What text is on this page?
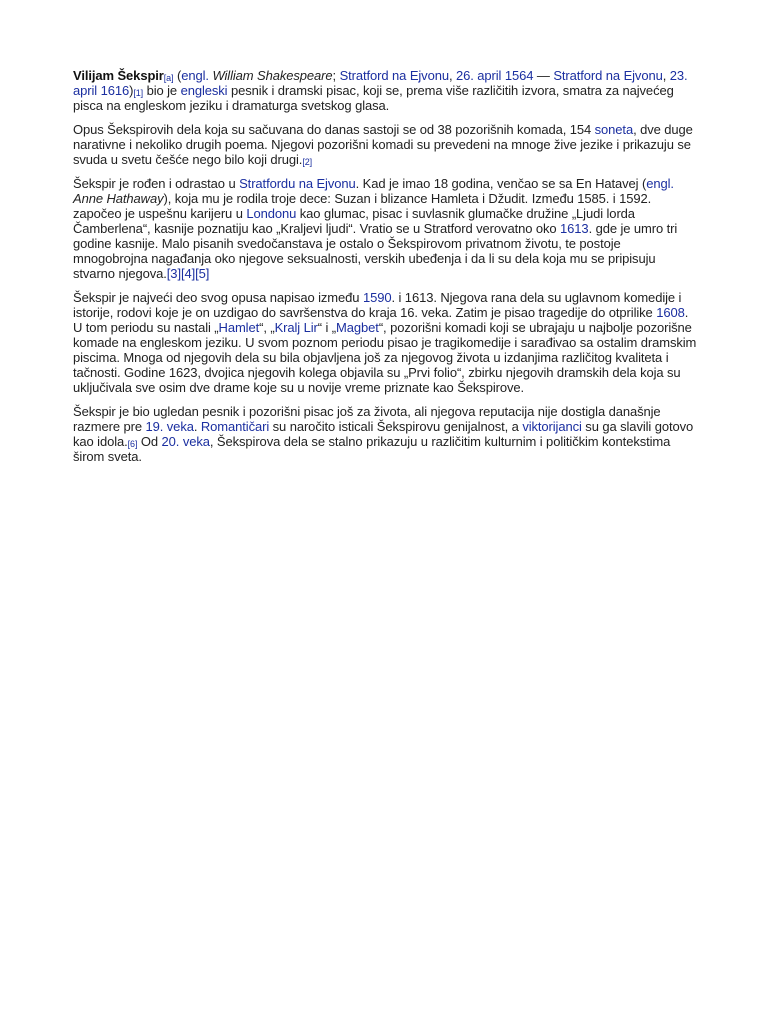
Vilijam Šekspir[a] (engl. William Shakespeare; Stratford na Ejvonu, 26. april 1564 — Stratford na Ejvonu, 23. april 1616)[1] bio je engleski pesnik i dramski pisac, koji se, prema više različitih izvora, smatra za najvećeg pisca na engleskom jeziku i dramaturga svetskog glasa.

Opus Šekspirovih dela koja su sačuvana do danas sastoji se od 38 pozorišnih komada, 154 soneta, dve duge narativne i nekoliko drugih poema. Njegovi pozorišni komadi su prevedeni na mnoge žive jezike i prikazuju se svuda u svetu češće nego bilo koji drugi.[2]

Šekspir je rođen i odrastao u Stratfordu na Ejvonu. Kad je imao 18 godina, venčao se sa En Hatavej (engl. Anne Hathaway), koja mu je rodila troje dece: Suzan i blizance Hamleta i Džudit. Između 1585. i 1592. započeo je uspešnu karijeru u Londonu kao glumac, pisac i suvlasnik glumačke družine „Ljudi lorda Čamberlena“, kasnije poznatiju kao „Kraljevi ljudi“. Vratio se u Stratford verovatno oko 1613. gde je umro tri godine kasnije. Malo pisanih svedočanstava je ostalo o Šekspirovom privatnom životu, te postoje mnogobrojna nagađanja oko njegove seksualnosti, verskih ubeđenja i da li su dela koja mu se pripisuju stvarno njegova.[3][4][5]

Šekspir je najveći deo svog opusa napisao između 1590. i 1613. Njegova rana dela su uglavnom komedije i istorije, rodovi koje je on uzdigao do savršenstva do kraja 16. veka. Zatim je pisao tragedije do otprilike 1608. U tom periodu su nastali „Hamlet“, „Kralj Lir“ i „Magbet“, pozorišni komadi koji se ubrajaju u najbolje pozorišne komade na engleskom jeziku. U svom poznom periodu pisao je tragikomedije i sarađivao sa ostalim dramskim piscima. Mnoga od njegovih dela su bila objavljena još za njegovog života u izdanjima različitog kvaliteta i tačnosti. Godine 1623, dvojica njegovih kolega objavila su „Prvi folio“, zbirku njegovih dramskih dela koja su uključivala sve osim dve drame koje su u novije vreme priznate kao Šekspirove.

Šekspir je bio ugledan pesnik i pozorišni pisac još za života, ali njegova reputacija nije dostigla današnje razmere pre 19. veka. Romantičari su naročito isticali Šekspirovu genijalnost, a viktorijanci su ga slavili gotovo kao idola.[6] Od 20. veka, Šekspirova dela se stalno prikazuju u različitim kulturnim i političkim kontekstima širom sveta.
